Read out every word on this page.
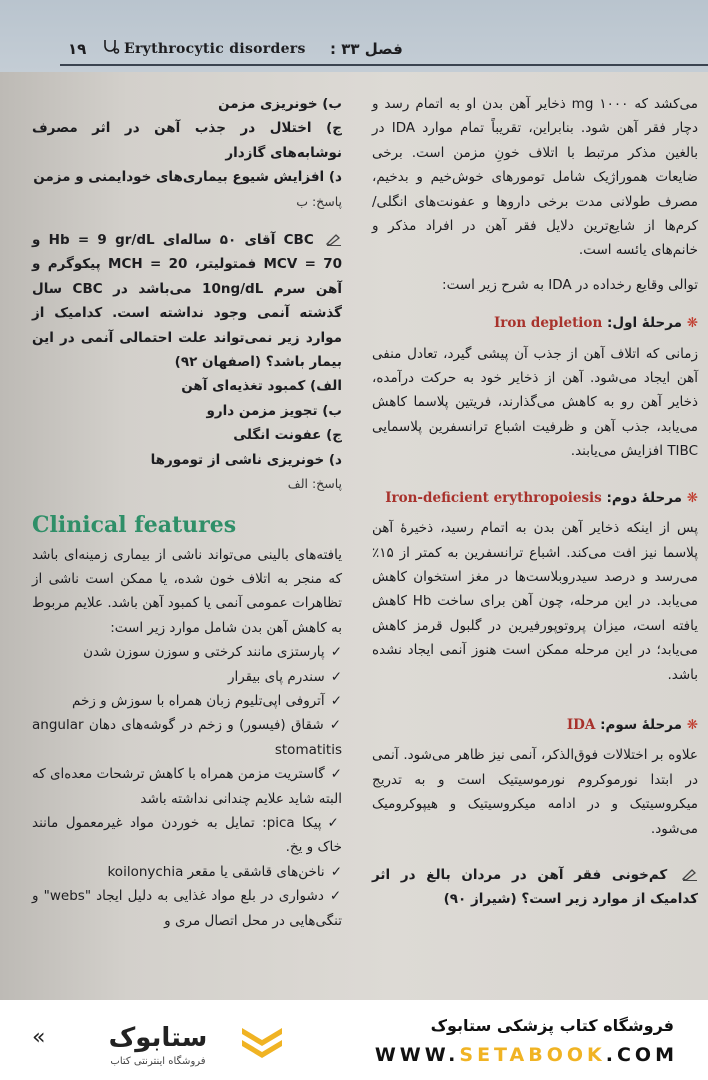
۱۹	Erythrocytic disorders فصل ۳۳ :

می‌کشد که ۱۰۰۰ mg ذخایر آهن بدن او به اتمام رسد و دچار فقر آهن شود. بنابراین، تقریباً تمام موارد IDA در بالغین مذکر مرتبط با اتلاف خونِ مزمن است. برخی ضایعات هموراژیک شامل تومورهای خوش‌خیم و بدخیم، مصرف طولانی مدت برخی داروها و عفونت‌های انگلی/ کرم‌ها از شایع‌ترین دلایل فقر آهن در افراد مذکر و خانم‌های یائسه است.

توالی وقایع رخداده در IDA به شرح زیر است:

❋ مرحلهٔ اول: Iron depletion

زمانی که اتلاف آهن از جذب آن پیشی گیرد، تعادل منفی آهن ایجاد می‌شود. آهن از ذخایر خود به حرکت درآمده، ذخایر آهن رو به کاهش می‌گذارند، فریتین پلاسما کاهش می‌یابد، جذب آهن و ظرفیت اشباع ترانسفرین پلاسمایی TIBC افزایش می‌یابند.

❋ مرحلهٔ دوم: Iron-deficient erythropoiesis

پس از اینکه ذخایر آهن بدن به اتمام رسید، ذخیرهٔ آهن پلاسما نیز افت می‌کند. اشباع ترانسفرین به کمتر از ۱۵٪ می‌رسد و درصد سیدروبلاست‌ها در مغز استخوان کاهش می‌یابد. در این مرحله، چون آهن برای ساخت Hb کاهش یافته است، میزان پروتوپورفیرین در گلبول قرمز کاهش می‌یابد؛ در این مرحله ممکن است هنوز آنمی ایجاد نشده باشد.

❋ مرحلهٔ سوم: IDA

علاوه بر اختلالات فوق‌الذکر، آنمی نیز ظاهر می‌شود. آنمی در ابتدا نورموکروم نورموسیتیک است و به تدریج میکروسیتیک و در ادامه میکروسیتیک و هیپوکرومیک می‌شود.

کم‌خونی فقر آهن در مردان بالغ در اثر کدامیک از موارد زیر است؟ (شیراز ۹۰)

ب) خونریزی مزمن

ج) اختلال در جذب آهن در اثر مصرف نوشابه‌های گازدار

د) افزایش شیوع بیماری‌های خودایمنی و مزمن

پاسخ: ب

CBC آقای ۵۰ ساله‌ای Hb = 9 gr/dL و MCV = 70 فمتولیتر، MCH = 20 پیکوگرم و آهن سرم 10ng/dL می‌باشد در CBC سال گذشته آنمی وجود نداشته است. کدامیک از موارد زیر نمی‌تواند علت احتمالی آنمی در این بیمار باشد؟ (اصفهان ۹۲)

الف) کمبود تغذیه‌ای آهن

ب) تجویز مزمن دارو

ج) عفونت انگلی

د) خونریزی ناشی از تومورها

پاسخ: الف

Clinical features

یافته‌های بالینی می‌تواند ناشی از بیماری زمینه‌ای باشد که منجر به اتلاف خون شده، یا ممکن است ناشی از تظاهرات عمومی آنمی یا کمبود آهن باشد. علایم مربوط به کاهش آهن بدن شامل موارد زیر است:

✓پارستزی مانند کرختی و سوزن سوزن شدن

✓سندرم پای بیقرار

✓آتروفی اپی‌تلیوم زبان همراه با سوزش و زخم

✓شقاق (فیسور) و زخم در گوشه‌های دهان angular stomatitis

✓گاستریت مزمن همراه با کاهش ترشحات معده‌ای که البته شاید علایم چندانی نداشته باشد

✓پیکا pica: تمایل به خوردن مواد غیرمعمول مانند خاک و یخ.

✓ناخن‌های قاشقی یا مقعر koilonychia

✓دشواری در بلع مواد غذایی به دلیل ایجاد "webs" و تنگی‌هایی در محل اتصال مری و

« ستابوک
فروشگاه اینترنتی کتاب
فروشگاه کتاب پزشکی ستابوک
WWW.SETABOOK.COM
